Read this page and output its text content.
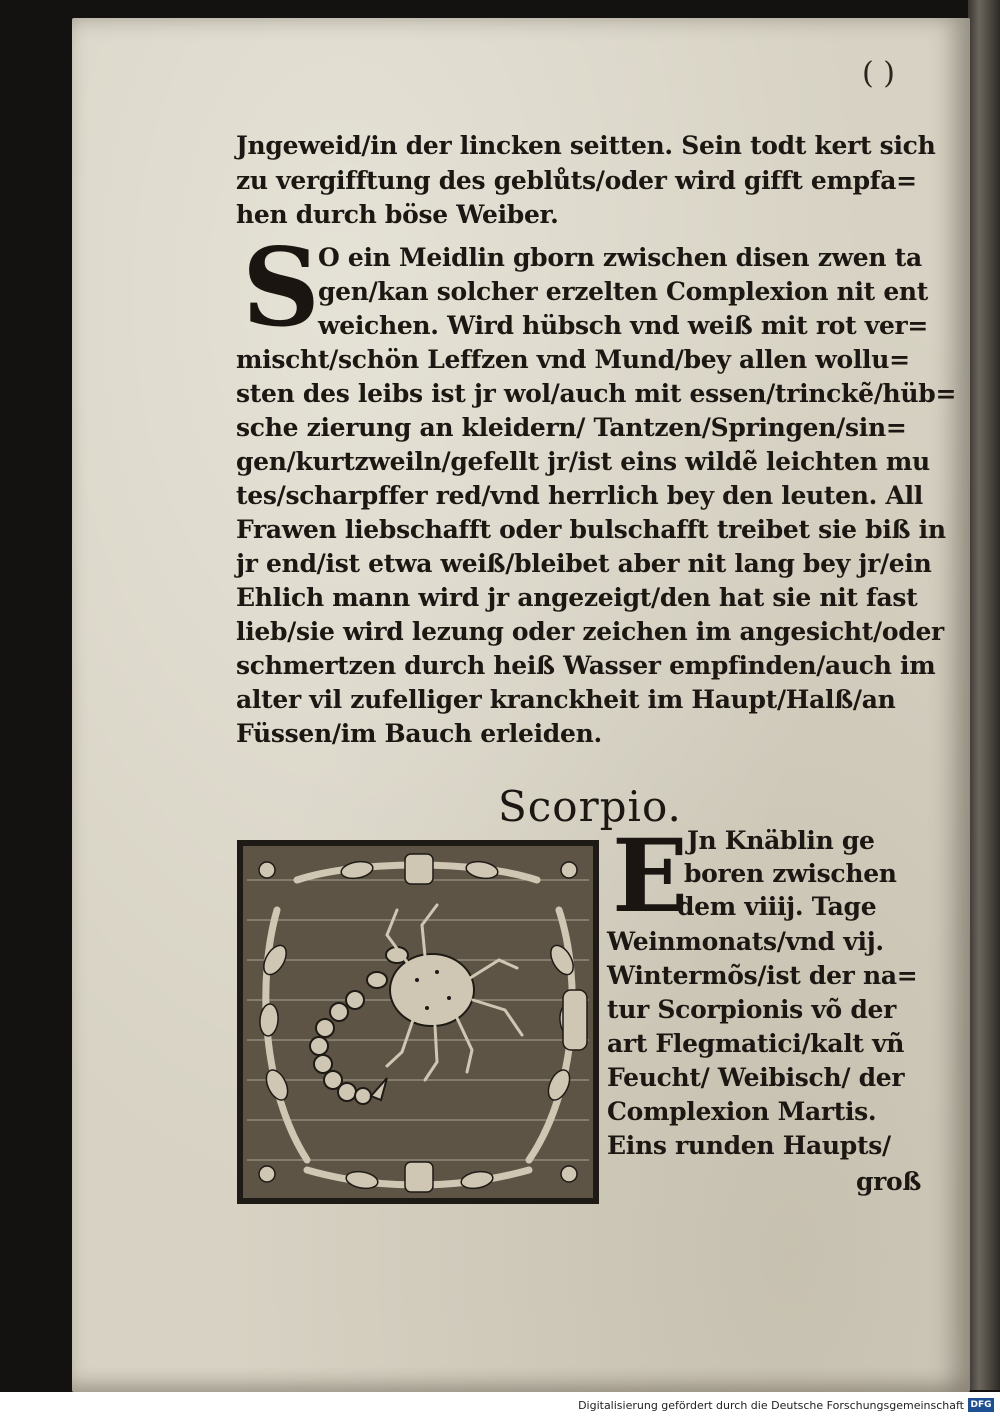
( )
Jngeweid/in der lincken seitten. Sein todt kert sich
zu vergifftung des geblůts/oder wird gifft empfa=
hen durch böse Weiber.
S
O ein Meidlin gborn zwischen disen zwen ta
gen/kan solcher erzelten Complexion nit ent
weichen. Wird hübsch vnd weiß mit rot ver=
mischt/schön Leffzen vnd Mund/bey allen wollu=
sten des leibs ist jr wol/auch mit essen/trinckẽ/hüb=
sche zierung an kleidern/ Tantzen/Springen/sin=
gen/kurtzweiln/gefellt jr/ist eins wildẽ leichten mu
tes/scharpffer red/vnd herrlich bey den leuten. All
Frawen liebschafft oder bulschafft treibet sie biß in
jr end/ist etwa weiß/bleibet aber nit lang bey jr/ein
Ehlich mann wird jr angezeigt/den hat sie nit fast
lieb/sie wird lezung oder zeichen im angesicht/oder
schmertzen durch heiß Wasser empfinden/auch im
alter vil zufelliger kranckheit im Haupt/Halß/an
Füssen/im Bauch erleiden.
Scorpio.
E
Jn Knäblin ge
boren zwischen
dem viiij. Tage
Weinmonats/vnd vij.
Wintermõs/ist der na=
tur Scorpionis võ der
art Flegmatici/kalt vñ
Feucht/ Weibisch/ der
Complexion Martis.
Eins runden Haupts/
groß
Digitalisierung gefördert durch die Deutsche Forschungsgemeinschaft DFG
